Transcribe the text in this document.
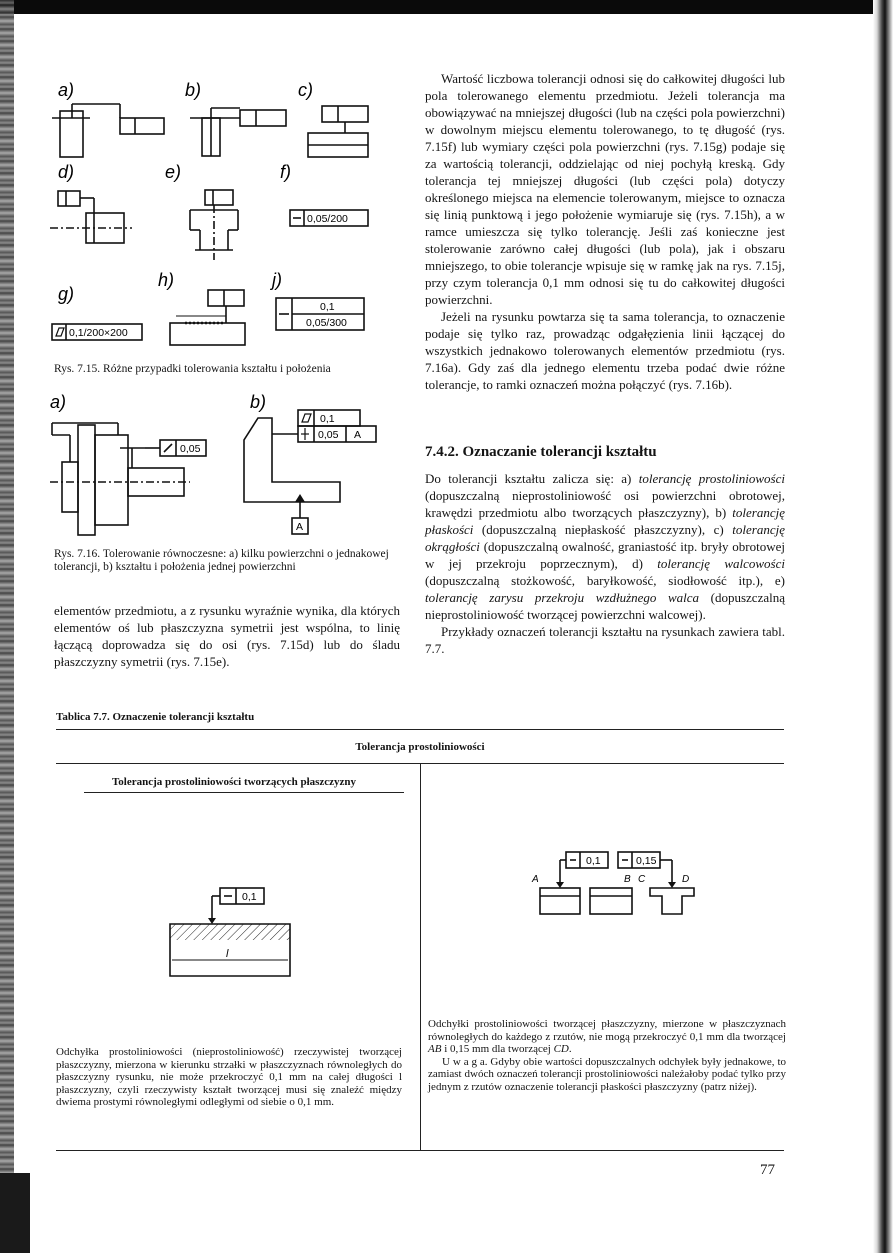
a)	b)	c)
d)	e)	f)
g)
h)	j)
0,05/200
0,1/200×200
0,1
0,05/300
Rys. 7.15. Różne przypadki tolerowania kształtu i położenia
a)	b)
0,05
0,1
0,05 A
A
Rys. 7.16. Tolerowanie równoczesne: a) kilku powierzchni o jednakowej tolerancji, b) kształtu i położenia jednej powierzchni

elementów przedmiotu, a z rysunku wyraźnie wynika, dla których elementów oś lub płaszczyzna symetrii jest wspólna, to linię łączącą doprowadza się do osi (rys. 7.15d) lub do śladu płaszczyzny symetrii (rys. 7.15e).

Wartość liczbowa tolerancji odnosi się do całkowitej długości lub pola tolerowanego elementu przedmiotu. Jeżeli tolerancja ma obowiązywać na mniejszej długości (lub na części pola powierzchni) w dowolnym miejscu elementu tolerowanego, to tę długość (rys. 7.15f) lub wymiary części pola powierzchni (rys. 7.15g) podaje się za wartością tolerancji, oddzielając od niej pochyłą kreską. Gdy tolerancja tej mniejszej długości (lub części pola) dotyczy określonego miejsca na elemencie tolerowanym, miejsce to oznacza się linią punktową i jego położenie wymiaruje się (rys. 7.15h), a w ramce umieszcza się tylko tolerancję. Jeśli zaś konieczne jest stolerowanie zarówno całej długości (lub pola), jak i obszaru mniejszego, to obie tolerancje wpisuje się w ramkę jak na rys. 7.15j, przy czym tolerancja 0,1 mm odnosi się tu do całkowitej długości powierzchni.

Jeżeli na rysunku powtarza się ta sama tolerancja, to oznaczenie podaje się tylko raz, prowadząc odgałęzienia linii łączącej do wszystkich jednakowo tolerowanych elementów przedmiotu (rys. 7.16a). Gdy zaś dla jednego elementu trzeba podać dwie różne tolerancje, to ramki oznaczeń można połączyć (rys. 7.16b).

7.4.2. Oznaczanie tolerancji kształtu

Do tolerancji kształtu zalicza się: a) tolerancję prostoliniowości (dopuszczalną nieprostoliniowość osi powierzchni obrotowej, krawędzi przedmiotu albo tworzących płaszczyzny), b) tolerancję płaskości (dopuszczalną niepłaskość płaszczyzny), c) tolerancję okrągłości (dopuszczalną owalność, graniastość itp. bryły obrotowej w jej przekroju poprzecznym), d) tolerancję walcowości (dopuszczalną stożkowość, baryłkowość, siodłowość itp.), e) tolerancję zarysu przekroju wzdłużnego walca (dopuszczalną nieprostoliniowość tworzącej powierzchni walcowej).

Przykłady oznaczeń tolerancji kształtu na rysunkach zawiera tabl. 7.7.

Tablica 7.7. Oznaczenie tolerancji kształtu
Tolerancja prostoliniowości
Tolerancja prostoliniowości tworzących płaszczyzny
l
0,1
A	B C	D
0,1	0,15
Odchyłka prostoliniowości (nieprostoliniowość) rzeczywistej tworzącej płaszczyzny, mierzona w kierunku strzałki w płaszczyznach równoległych do płaszczyzny rysunku, nie może przekroczyć 0,1 mm na całej długości l płaszczyzny, czyli rzeczywisty kształt tworzącej musi się znaleźć między dwiema prostymi równoległymi odległymi od siebie o 0,1 mm.

Odchyłki prostoliniowości tworzącej płaszczyzny, mierzone w płaszczyznach równoległych do każdego z rzutów, nie mogą przekroczyć 0,1 mm dla tworzącej AB i 0,15 mm dla tworzącej CD.

U w a g a. Gdyby obie wartości dopuszczalnych odchyłek były jednakowe, to zamiast dwóch oznaczeń tolerancji prostoliniowości należałoby podać tylko przy jednym z rzutów oznaczenie tolerancji płaskości płaszczyzny (patrz niżej).

77
